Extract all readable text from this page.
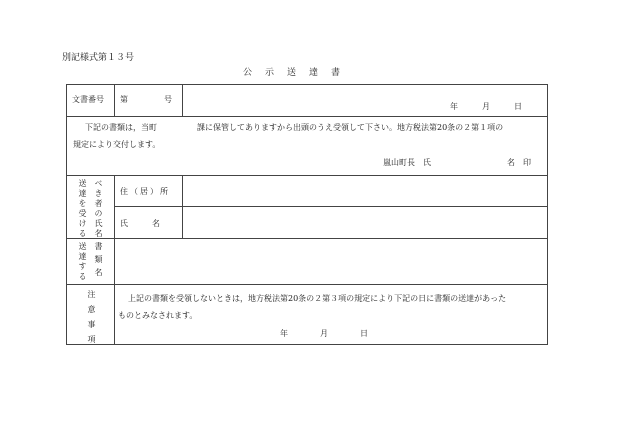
別記様式第１３号
公　示　送　達　書
文書番号 第　　　号
年　　　月　　　日
下記の書類は，当町　　　　　課に保管してありますから出頭のうえ受領して下さい。地方税法第20条の２第１項の
規定により交付します。
嵐山町長　氏	名　印
送達を受ける べき者の氏名 住（居）所
氏　　　名
送達する 書類名
注意事項	上記の書類を受領しないときは，地方税法第20条の２第３項の規定により下記の日に書類の送達があった
ものとみなされます。
年　　　　月　　　　日
